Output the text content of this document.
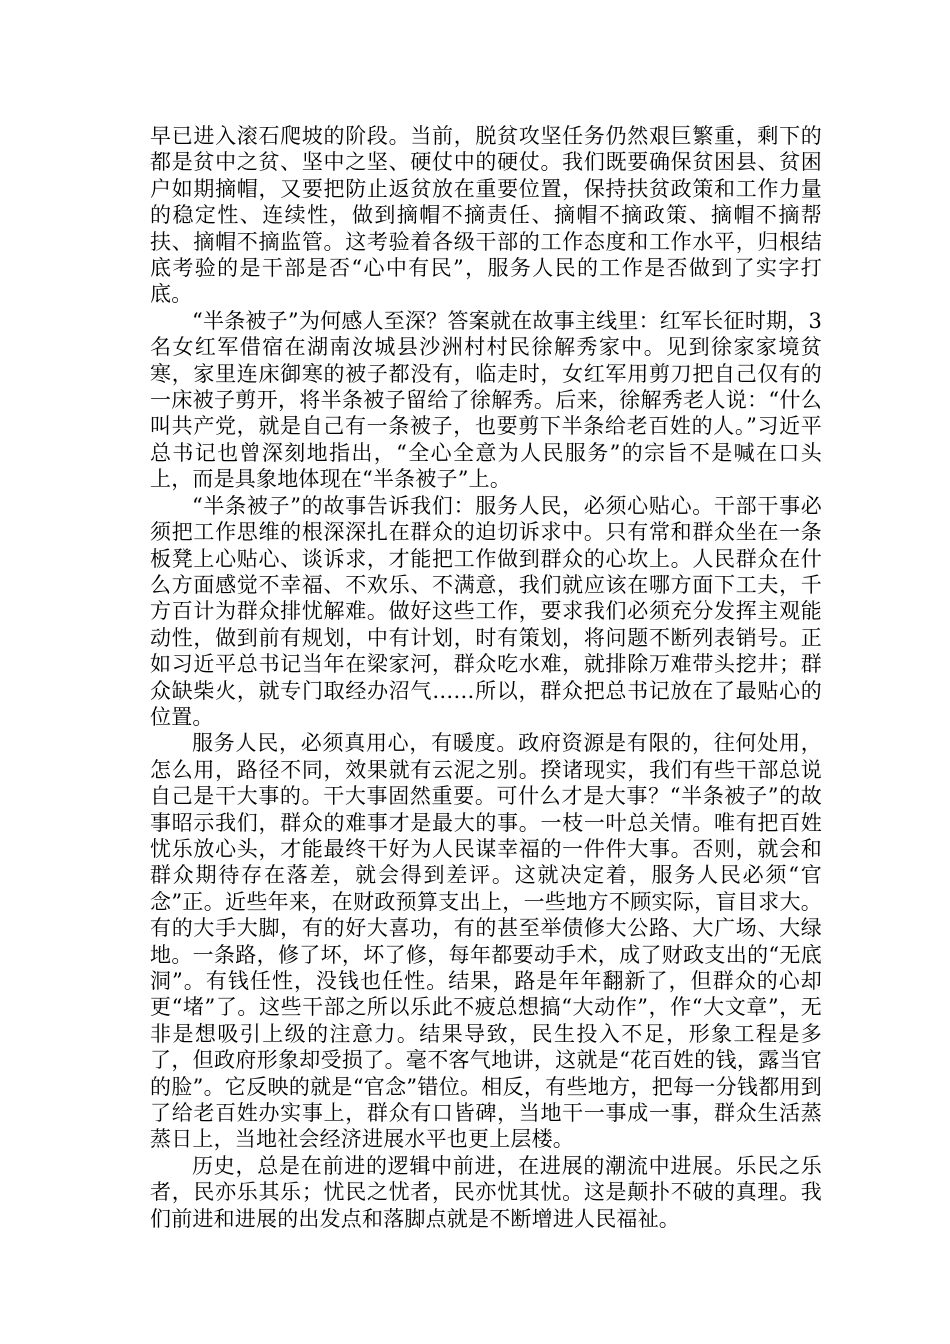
早已进入滚石爬坡的阶段。当前，脱贫攻坚任务仍然艰巨繁重，剩下的都是贫中之贫、坚中之坚、硬仗中的硬仗。我们既要确保贫困县、贫困户如期摘帽，又要把防止返贫放在重要位置，保持扶贫政策和工作力量的稳定性、连续性，做到摘帽不摘责任、摘帽不摘政策、摘帽不摘帮扶、摘帽不摘监管。这考验着各级干部的工作态度和工作水平，归根结底考验的是干部是否“心中有民”，服务人民的工作是否做到了实字打底。

“半条被子”为何感人至深？答案就在故事主线里：红军长征时期，3名女红军借宿在湖南汝城县沙洲村村民徐解秀家中。见到徐家家境贫寒，家里连床御寒的被子都没有，临走时，女红军用剪刀把自己仅有的一床被子剪开，将半条被子留给了徐解秀。后来，徐解秀老人说：“什么叫共产党，就是自己有一条被子，也要剪下半条给老百姓的人。”习近平总书记也曾深刻地指出，“全心全意为人民服务”的宗旨不是喊在口头上，而是具象地体现在“半条被子”上。

“半条被子”的故事告诉我们：服务人民，必须心贴心。干部干事必须把工作思维的根深深扎在群众的迫切诉求中。只有常和群众坐在一条板凳上心贴心、谈诉求，才能把工作做到群众的心坎上。人民群众在什么方面感觉不幸福、不欢乐、不满意，我们就应该在哪方面下工夫，千方百计为群众排忧解难。做好这些工作，要求我们必须充分发挥主观能动性，做到前有规划，中有计划，时有策划，将问题不断列表销号。正如习近平总书记当年在梁家河，群众吃水难，就排除万难带头挖井；群众缺柴火，就专门取经办沼气……所以，群众把总书记放在了最贴心的位置。

服务人民，必须真用心，有暖度。政府资源是有限的，往何处用，怎么用，路径不同，效果就有云泥之别。揆诸现实，我们有些干部总说自己是干大事的。干大事固然重要。可什么才是大事？“半条被子”的故事昭示我们，群众的难事才是最大的事。一枝一叶总关情。唯有把百姓忧乐放心头，才能最终干好为人民谋幸福的一件件大事。否则，就会和群众期待存在落差，就会得到差评。这就决定着，服务人民必须“官念”正。近些年来，在财政预算支出上，一些地方不顾实际，盲目求大。有的大手大脚，有的好大喜功，有的甚至举债修大公路、大广场、大绿地。一条路，修了坏，坏了修，每年都要动手术，成了财政支出的“无底洞”。有钱任性，没钱也任性。结果，路是年年翻新了，但群众的心却更“堵”了。这些干部之所以乐此不疲总想搞“大动作”，作“大文章”，无非是想吸引上级的注意力。结果导致，民生投入不足，形象工程是多了，但政府形象却受损了。毫不客气地讲，这就是“花百姓的钱，露当官的脸”。它反映的就是“官念”错位。相反，有些地方，把每一分钱都用到了给老百姓办实事上，群众有口皆碑，当地干一事成一事，群众生活蒸蒸日上，当地社会经济进展水平也更上层楼。

历史，总是在前进的逻辑中前进，在进展的潮流中进展。乐民之乐者，民亦乐其乐；忧民之忧者，民亦忧其忧。这是颠扑不破的真理。我们前进和进展的出发点和落脚点就是不断增进人民福祉。
